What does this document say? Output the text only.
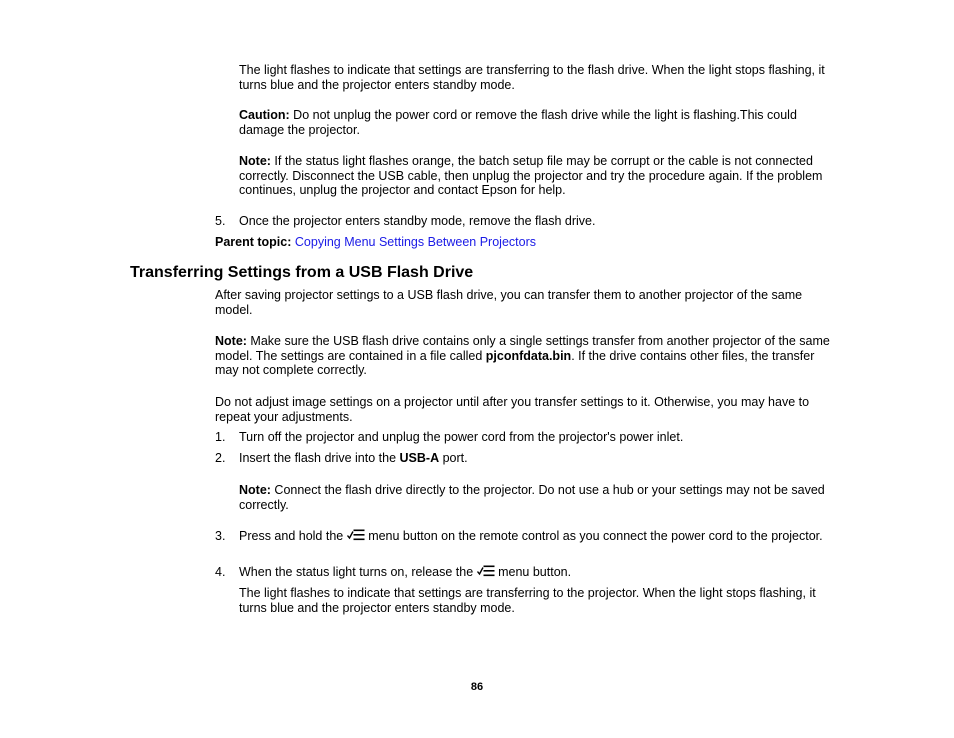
The light flashes to indicate that settings are transferring to the flash drive. When the light stops flashing, it turns blue and the projector enters standby mode.

Caution: Do not unplug the power cord or remove the flash drive while the light is flashing.This could damage the projector.

Note: If the status light flashes orange, the batch setup file may be corrupt or the cable is not connected correctly. Disconnect the USB cable, then unplug the projector and try the procedure again. If the problem continues, unplug the projector and contact Epson for help.

5. Once the projector enters standby mode, remove the flash drive.

Parent topic: Copying Menu Settings Between Projectors

Transferring Settings from a USB Flash Drive

After saving projector settings to a USB flash drive, you can transfer them to another projector of the same model.

Note: Make sure the USB flash drive contains only a single settings transfer from another projector of the same model. The settings are contained in a file called pjconfdata.bin. If the drive contains other files, the transfer may not complete correctly.

Do not adjust image settings on a projector until after you transfer settings to it. Otherwise, you may have to repeat your adjustments.

1. Turn off the projector and unplug the power cord from the projector's power inlet.
2. Insert the flash drive into the USB-A port.

Note: Connect the flash drive directly to the projector. Do not use a hub or your settings may not be saved correctly.

3. Press and hold the
menu button on the remote control as you connect the power cord to the projector.
4. When the status light turns on, release the
menu button.

The light flashes to indicate that settings are transferring to the projector. When the light stops flashing, it turns blue and the projector enters standby mode.

86
